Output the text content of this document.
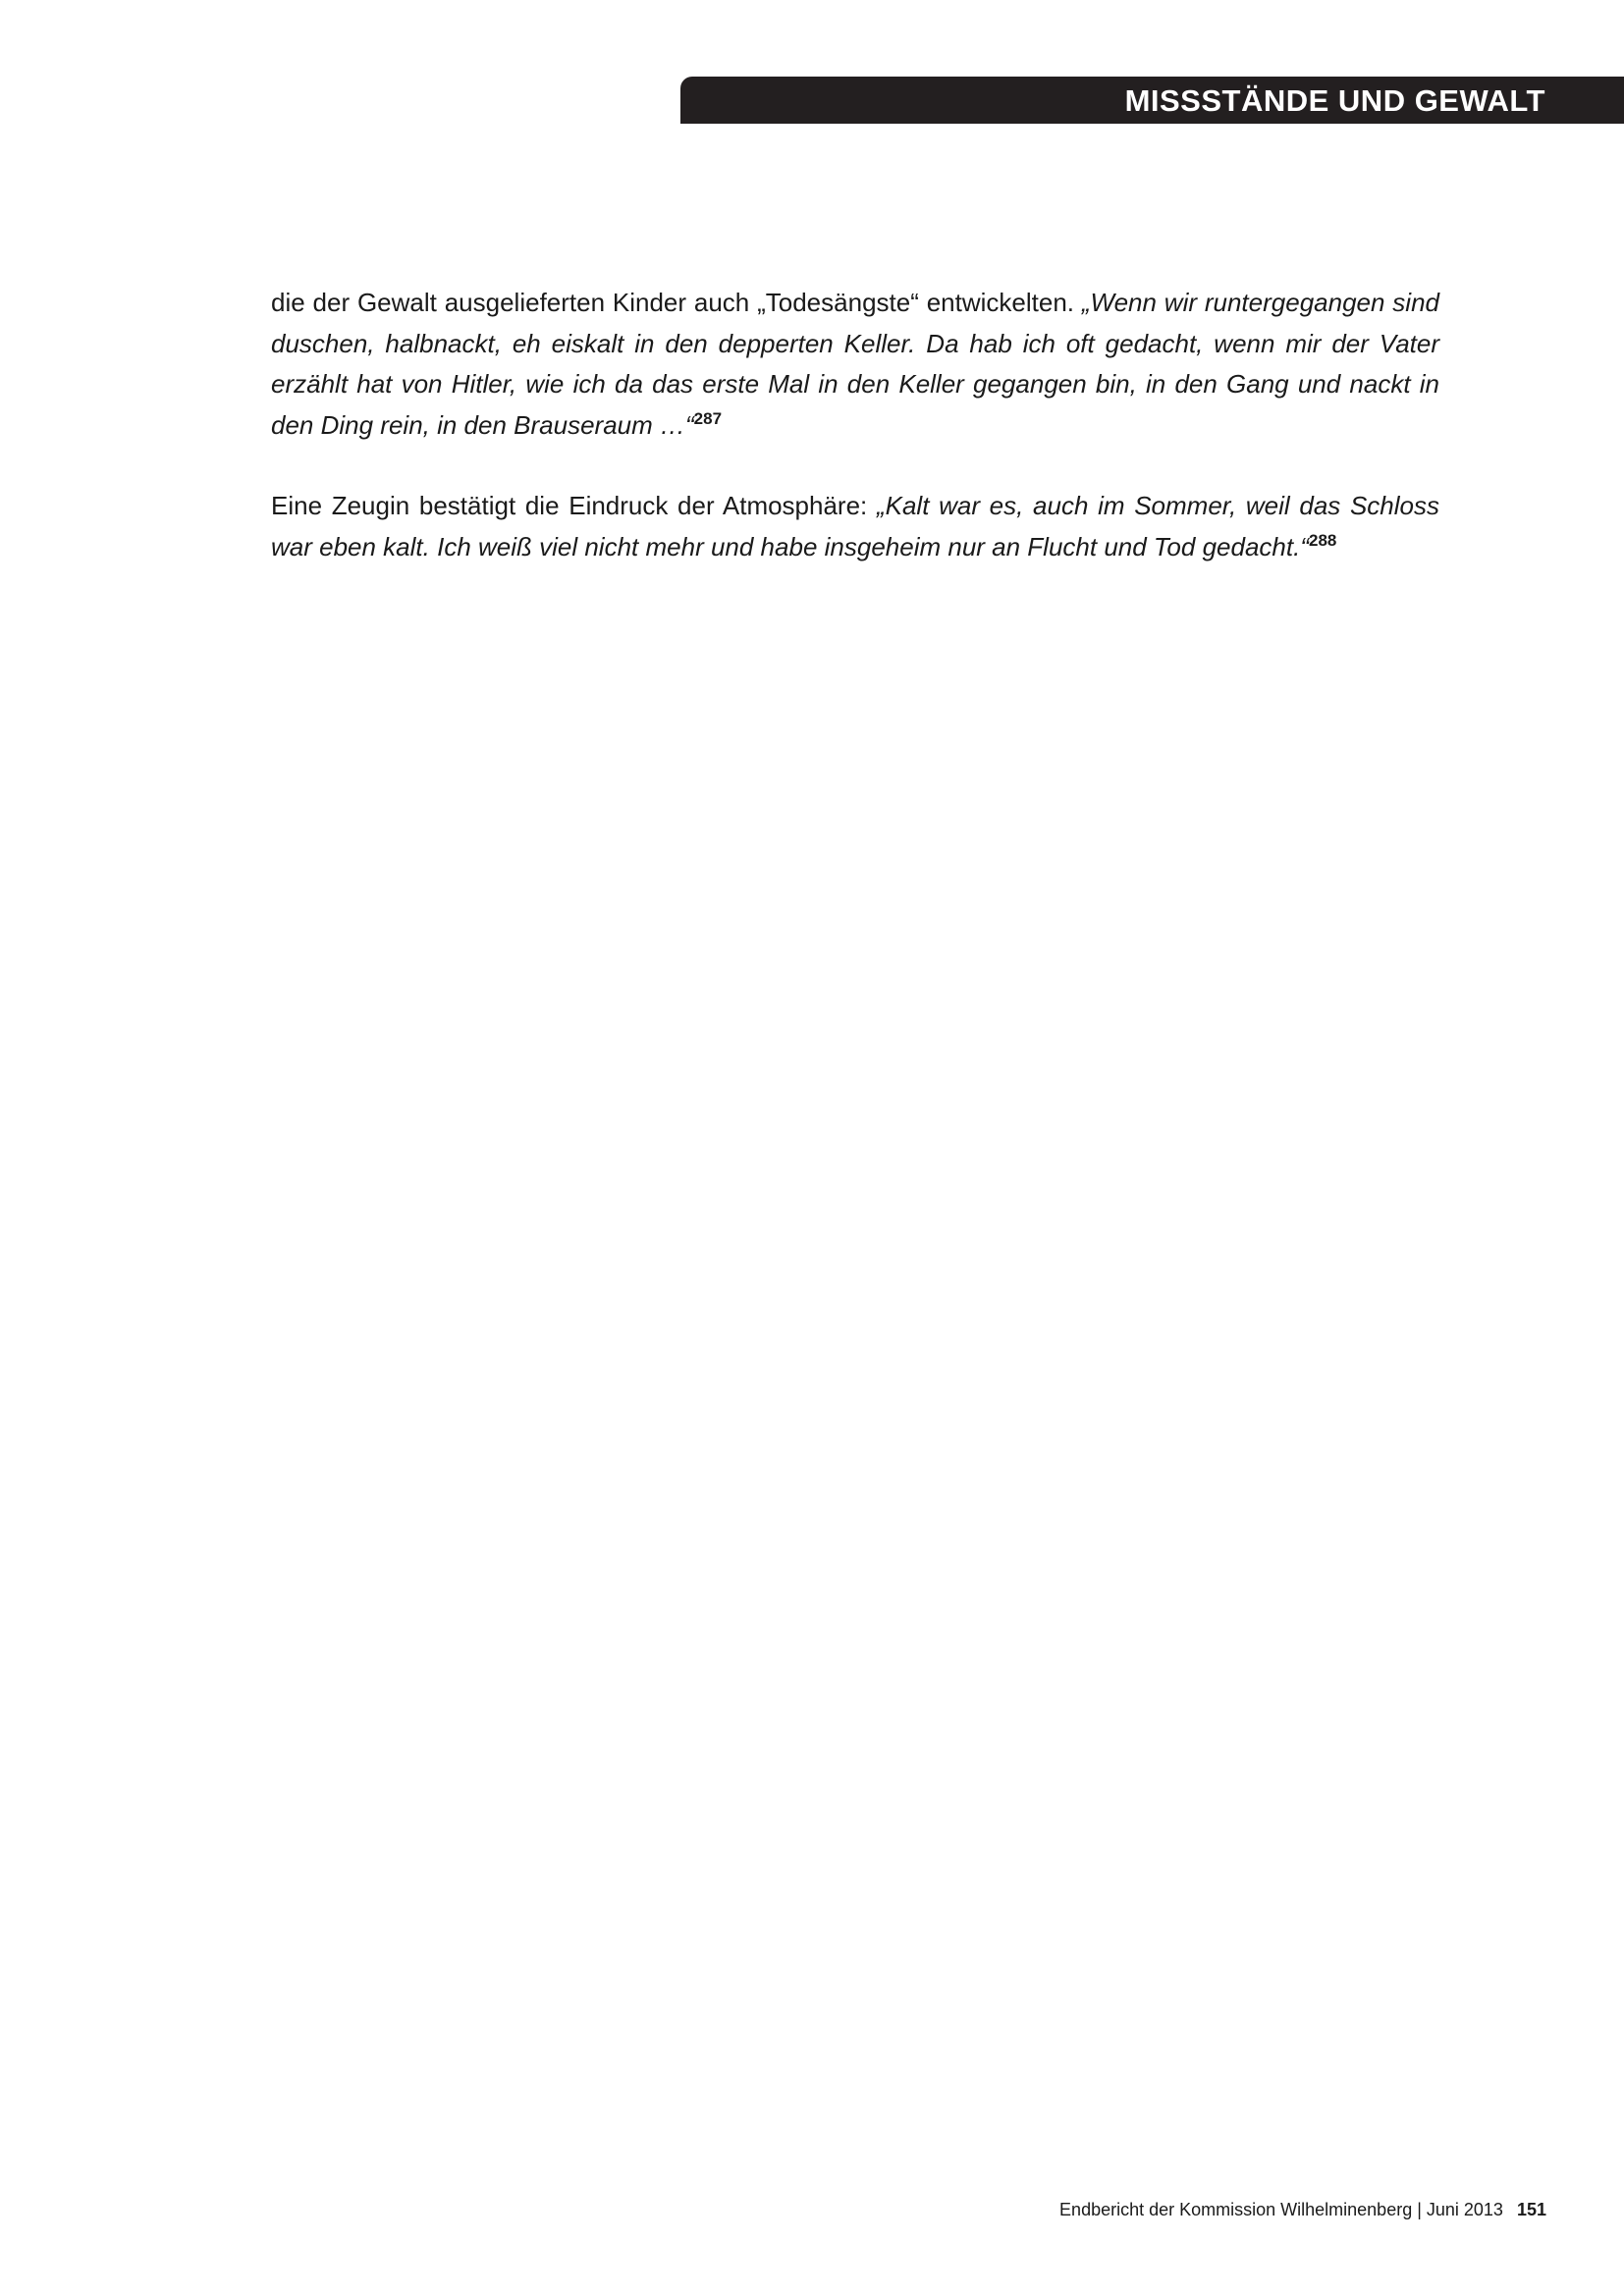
MISSSTÄNDE UND GEWALT

die der Gewalt ausgelieferten Kinder auch „Todesängste“ entwickelten. „Wenn wir runtergegangen sind duschen, halbnackt, eh eiskalt in den depperten Keller. Da hab ich oft gedacht, wenn mir der Vater erzählt hat von Hitler, wie ich da das erste Mal in den Keller gegangen bin, in den Gang und nackt in den Ding rein, in den Brauseraum …“$^{287}$

Eine Zeugin bestätigt die Eindruck der Atmosphäre: „Kalt war es, auch im Sommer, weil das Schloss war eben kalt. Ich weiß viel nicht mehr und habe insgeheim nur an Flucht und Tod gedacht.“$^{288}$

Endbericht der Kommission Wilhelminenberg | Juni 2013 151
